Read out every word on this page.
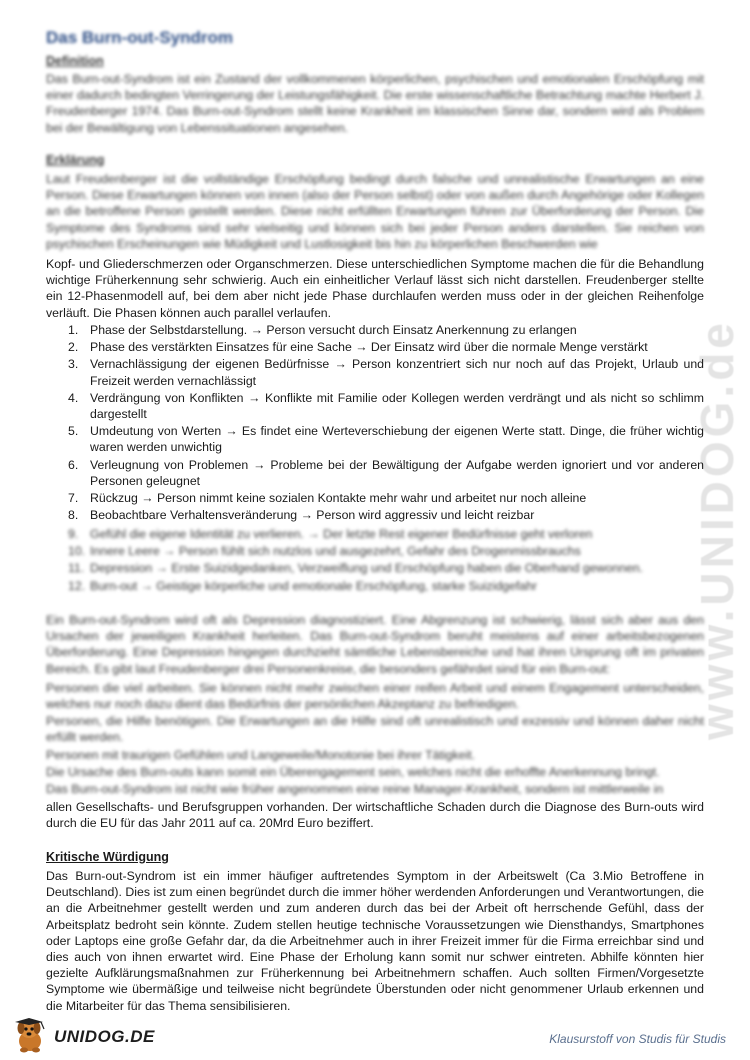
www.UNIDOG.de
Das Burn-out-Syndrom
Definition
Das Burn-out-Syndrom ist ein Zustand der vollkommenen körperlichen, psychischen und emotionalen Erschöpfung mit einer dadurch bedingten Verringerung der Leistungsfähigkeit. Die erste wissenschaftliche Betrachtung machte Herbert J. Freudenberger 1974. Das Burn-out-Syndrom stellt keine Krankheit im klassischen Sinne dar, sondern wird als Problem bei der Bewältigung von Lebenssituationen angesehen.
Erklärung
Laut Freudenberger ist die vollständige Erschöpfung bedingt durch falsche und unrealistische Erwartungen an eine Person. Diese Erwartungen können von innen (also der Person selbst) oder von außen durch Angehörige oder Kollegen an die betroffene Person gestellt werden. Diese nicht erfüllten Erwartungen führen zur Überforderung der Person. Die Symptome des Syndroms sind sehr vielseitig und können sich bei jeder Person anders darstellen. Sie reichen von psychischen Erscheinungen wie Müdigkeit und Lustlosigkeit bis hin zu körperlichen Beschwerden wie
Kopf- und Gliederschmerzen oder Organschmerzen. Diese unterschiedlichen Symptome machen die für die Behandlung wichtige Früherkennung sehr schwierig. Auch ein einheitlicher Verlauf lässt sich nicht darstellen. Freudenberger stellte ein 12-Phasenmodell auf, bei dem aber nicht jede Phase durchlaufen werden muss oder in der gleichen Reihenfolge verläuft. Die Phasen können auch parallel verlaufen.
1. Phase der Selbstdarstellung. → Person versucht durch Einsatz Anerkennung zu erlangen
2. Phase des verstärkten Einsatzes für eine Sache → Der Einsatz wird über die normale Menge verstärkt
3. Vernachlässigung der eigenen Bedürfnisse → Person konzentriert sich nur noch auf das Projekt, Urlaub und Freizeit werden vernachlässigt
4. Verdrängung von Konflikten → Konflikte mit Familie oder Kollegen werden verdrängt und als nicht so schlimm dargestellt
5. Umdeutung von Werten → Es findet eine Werteverschiebung der eigenen Werte statt. Dinge, die früher wichtig waren werden unwichtig
6. Verleugnung von Problemen → Probleme bei der Bewältigung der Aufgabe werden ignoriert und vor anderen Personen geleugnet
7. Rückzug → Person nimmt keine sozialen Kontakte mehr wahr und arbeitet nur noch alleine
8. Beobachtbare Verhaltensveränderung → Person wird aggressiv und leicht reizbar
9. Gefühl die eigene Identität zu verlieren. → Der letzte Rest eigener Bedürfnisse geht verloren
10. Innere Leere → Person fühlt sich nutzlos und ausgezehrt, Gefahr des Drogenmissbrauchs
11. Depression → Erste Suizidgedanken, Verzweiflung und Erschöpfung haben die Oberhand gewonnen.
12. Burn-out → Geistige körperliche und emotionale Erschöpfung, starke Suizidgefahr
Ein Burn-out-Syndrom wird oft als Depression diagnostiziert. Eine Abgrenzung ist schwierig, lässt sich aber aus den Ursachen der jeweiligen Krankheit herleiten. Das Burn-out-Syndrom beruht meistens auf einer arbeitsbezogenen Überforderung. Eine Depression hingegen durchzieht sämtliche Lebensbereiche und hat ihren Ursprung oft im privaten Bereich. Es gibt laut Freudenberger drei Personenkreise, die besonders gefährdet sind für ein Burn-out:
Personen die viel arbeiten. Sie können nicht mehr zwischen einer reifen Arbeit und einem Engagement unterscheiden, welches nur noch dazu dient das Bedürfnis der persönlichen Akzeptanz zu befriedigen.
Personen, die Hilfe benötigen. Die Erwartungen an die Hilfe sind oft unrealistisch und exzessiv und können daher nicht erfüllt werden.
Personen mit traurigen Gefühlen und Langeweile/Monotonie bei ihrer Tätigkeit.
Die Ursache des Burn-outs kann somit ein Überengagement sein, welches nicht die erhoffte Anerkennung bringt.
Das Burn-out-Syndrom ist nicht wie früher angenommen eine reine Manager-Krankheit, sondern ist mittlerweile in
allen Gesellschafts- und Berufsgruppen vorhanden. Der wirtschaftliche Schaden durch die Diagnose des Burn-outs wird durch die EU für das Jahr 2011 auf ca. 20Mrd Euro beziffert.
Kritische Würdigung
Das Burn-out-Syndrom ist ein immer häufiger auftretendes Symptom in der Arbeitswelt (Ca 3.Mio Betroffene in Deutschland). Dies ist zum einen begründet durch die immer höher werdenden Anforderungen und Verantwortungen, die an die Arbeitnehmer gestellt werden und zum anderen durch das bei der Arbeit oft herrschende Gefühl, dass der Arbeitsplatz bedroht sein könnte. Zudem stellen heutige technische Voraussetzungen wie Diensthandys, Smartphones oder Laptops eine große Gefahr dar, da die Arbeitnehmer auch in ihrer Freizeit immer für die Firma erreichbar sind und dies auch von ihnen erwartet wird. Eine Phase der Erholung kann somit nur schwer eintreten. Abhilfe könnten hier gezielte Aufklärungsmaßnahmen zur Früherkennung bei Arbeitnehmern schaffen. Auch sollten Firmen/Vorgesetzte Symptome wie übermäßige und teilweise nicht begründete Überstunden oder nicht genommener Urlaub erkennen und die Mitarbeiter für das Thema sensibilisieren.
UNIDOG.DE	Klausurstoff von Studis für Studis
